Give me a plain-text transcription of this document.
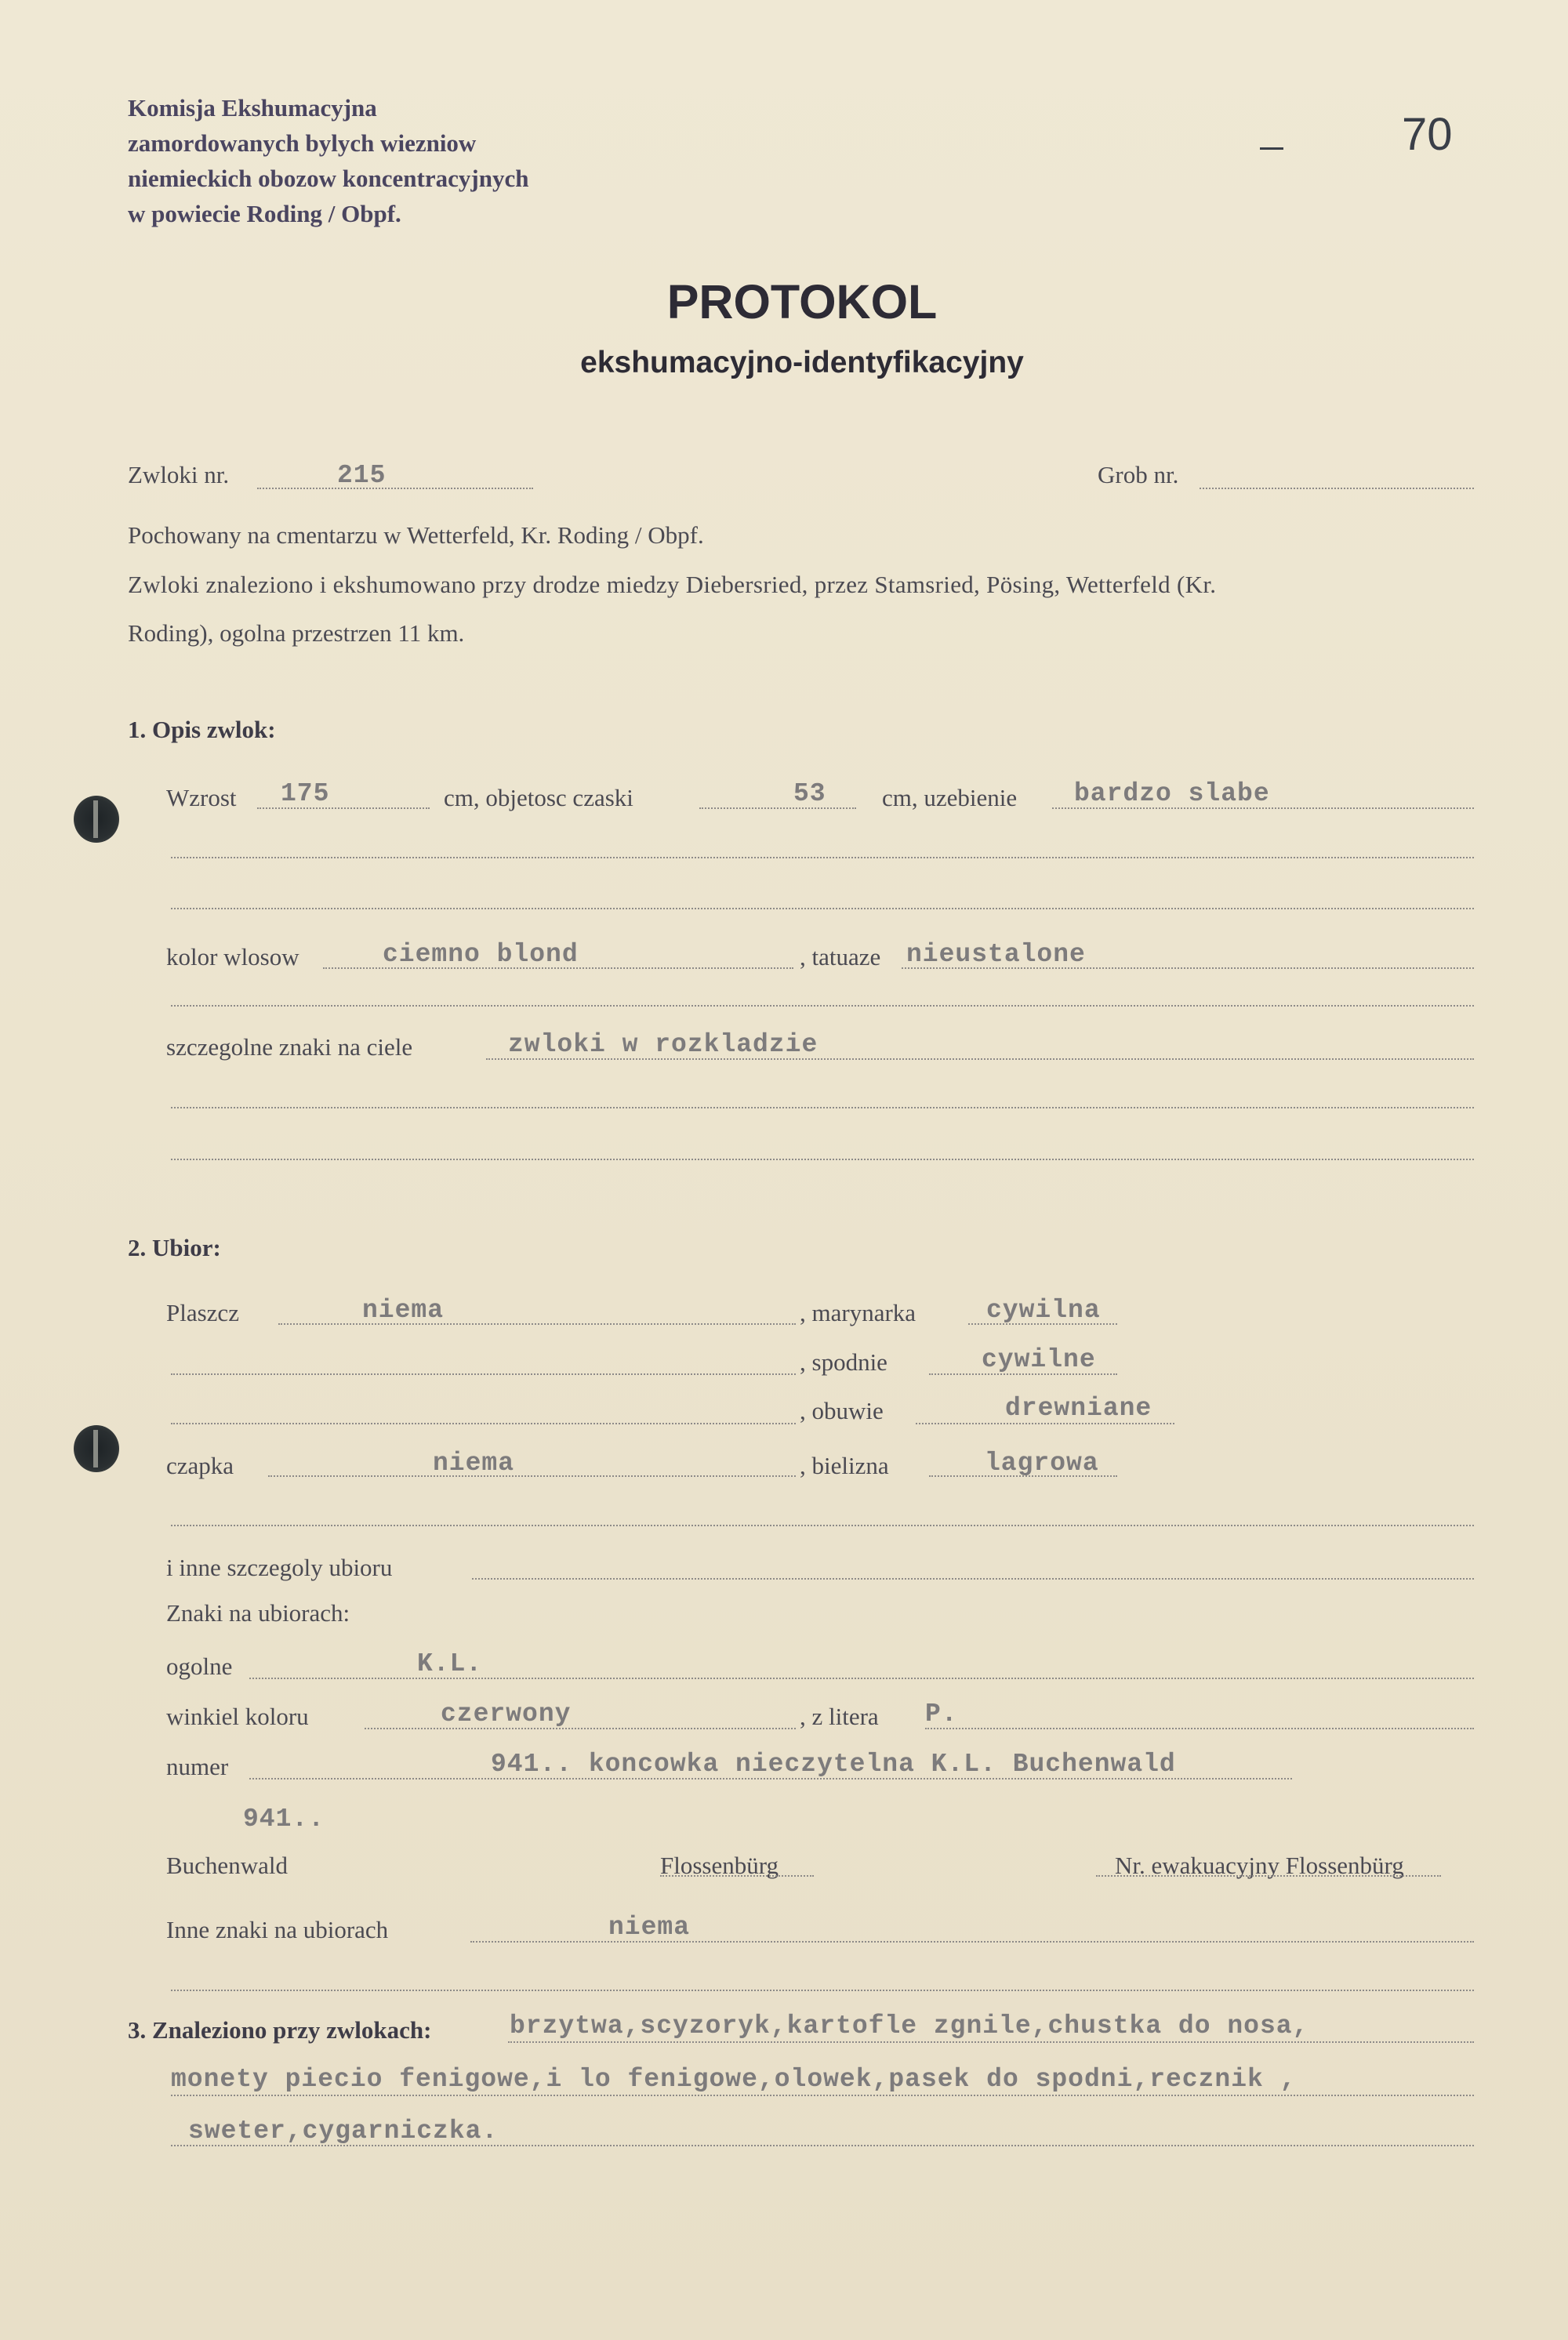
Komisja Ekshumacyjna
zamordowanych bylych wiezniow
niemieckich obozow koncentracyjnych
w powiecie Roding / Obpf.
70
PROTOKOL
ekshumacyjno-identyfikacyjny
Zwloki nr.	215	Grob nr.
Pochowany na cmentarzu w Wetterfeld, Kr. Roding / Obpf.
Zwloki znaleziono i ekshumowano przy drodze miedzy Diebersried, przez Stamsried, Pösing, Wetterfeld (Kr.
Roding), ogolna przestrzen 11 km.
1. Opis zwlok:
Wzrost 175	cm, objetosc czaski	53 cm, uzebienie bardzo slabe
kolor wlosow	ciemno blond	, tatuaze nieustalone
szczegolne znaki na ciele	zwloki w rozkladzie
2. Ubior:
Plaszcz	niema	, marynarka	cywilna
, spodnie	cywilne
, obuwie	drewniane
czapka	niema	, bielizna	lagrowa
i inne szczegoly ubioru
Znaki na ubiorach:
ogolne	K.L.
winkiel koloru	czerwony	, z litera P.
numer	941.. koncowka nieczytelna K.L. Buchenwald
941..
Buchenwald	Flossenbürg	Nr. ewakuacyjny Flossenbürg
Inne znaki na ubiorach	niema
3. Znaleziono przy zwlokach:	brzytwa,scyzoryk,kartofle zgnile,chustka do nosa,
monety piecio fenigowe,i lo fenigowe,olowek,pasek do spodni,recznik ,
sweter,cygarniczka.
